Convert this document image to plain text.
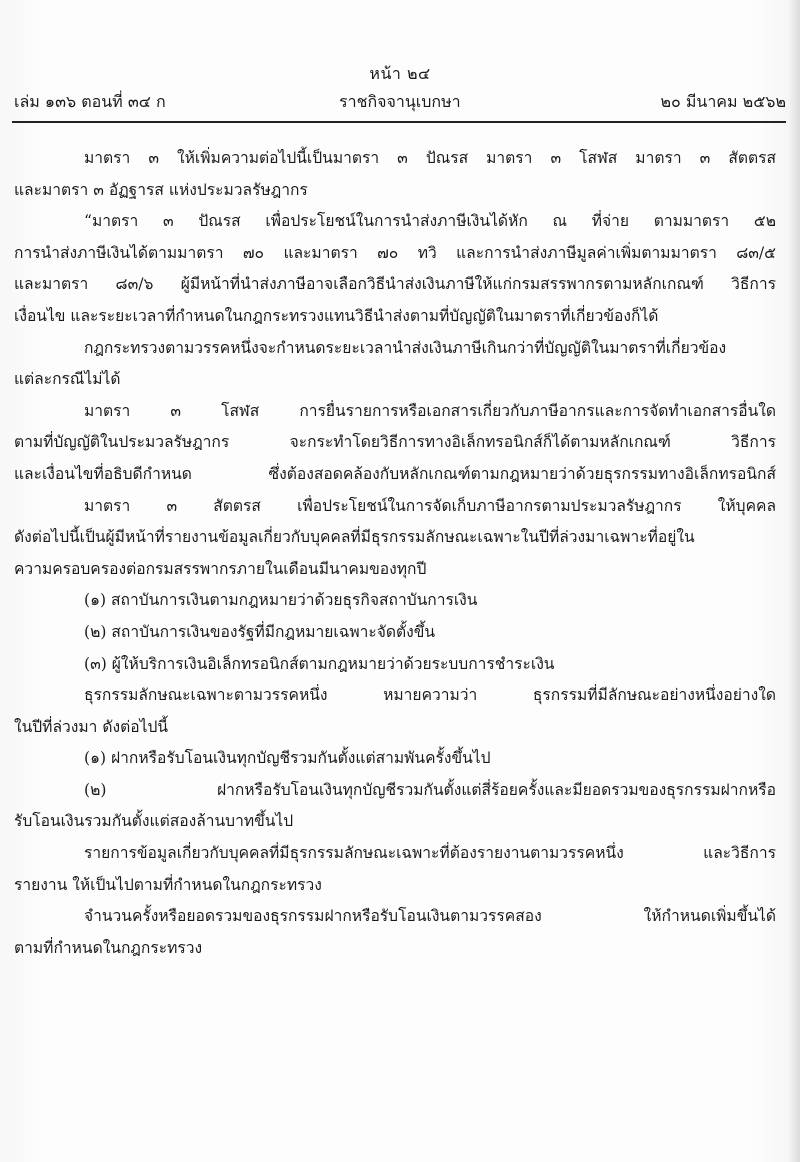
หน้า ๒๔
เล่ม ๑๓๖ ตอนที่ ๓๔ ก	ราชกิจจานุเบกษา	๒๐ มีนาคม ๒๕๖๒
มาตรา ๓ ให้เพิ่มความต่อไปนี้เป็นมาตรา ๓ ปัณรส มาตรา ๓ โสฬส มาตรา ๓ สัตตรส
และมาตรา ๓ อัฏฐารส แห่งประมวลรัษฎากร
“มาตรา ๓ ปัณรส เพื่อประโยชน์ในการนำส่งภาษีเงินได้หัก ณ ที่จ่าย ตามมาตรา ๕๒
การนำส่งภาษีเงินได้ตามมาตรา ๗๐ และมาตรา ๗๐ ทวิ และการนำส่งภาษีมูลค่าเพิ่มตามมาตรา ๘๓/๕
และมาตรา ๘๓/๖ ผู้มีหน้าที่นำส่งภาษีอาจเลือกวิธีนำส่งเงินภาษีให้แก่กรมสรรพากรตามหลักเกณฑ์ วิธีการ
เงื่อนไข และระยะเวลาที่กำหนดในกฎกระทรวงแทนวิธีนำส่งตามที่บัญญัติในมาตราที่เกี่ยวข้องก็ได้
กฎกระทรวงตามวรรคหนึ่งจะกำหนดระยะเวลานำส่งเงินภาษีเกินกว่าที่บัญญัติในมาตราที่เกี่ยวข้อง
แต่ละกรณีไม่ได้
มาตรา ๓ โสฬส การยื่นรายการหรือเอกสารเกี่ยวกับภาษีอากรและการจัดทำเอกสารอื่นใด
ตามที่บัญญัติในประมวลรัษฎากร จะกระทำโดยวิธีการทางอิเล็กทรอนิกส์ก็ได้ตามหลักเกณฑ์ วิธีการ
และเงื่อนไขที่อธิบดีกำหนด ซึ่งต้องสอดคล้องกับหลักเกณฑ์ตามกฎหมายว่าด้วยธุรกรรมทางอิเล็กทรอนิกส์
มาตรา ๓ สัตตรส เพื่อประโยชน์ในการจัดเก็บภาษีอากรตามประมวลรัษฎากร ให้บุคคล
ดังต่อไปนี้เป็นผู้มีหน้าที่รายงานข้อมูลเกี่ยวกับบุคคลที่มีธุรกรรมลักษณะเฉพาะในปีที่ล่วงมาเฉพาะที่อยู่ใน
ความครอบครองต่อกรมสรรพากรภายในเดือนมีนาคมของทุกปี
(๑) สถาบันการเงินตามกฎหมายว่าด้วยธุรกิจสถาบันการเงิน
(๒) สถาบันการเงินของรัฐที่มีกฎหมายเฉพาะจัดตั้งขึ้น
(๓) ผู้ให้บริการเงินอิเล็กทรอนิกส์ตามกฎหมายว่าด้วยระบบการชำระเงิน
ธุรกรรมลักษณะเฉพาะตามวรรคหนึ่ง หมายความว่า ธุรกรรมที่มีลักษณะอย่างหนึ่งอย่างใด
ในปีที่ล่วงมา ดังต่อไปนี้
(๑) ฝากหรือรับโอนเงินทุกบัญชีรวมกันตั้งแต่สามพันครั้งขึ้นไป
(๒) ฝากหรือรับโอนเงินทุกบัญชีรวมกันตั้งแต่สี่ร้อยครั้งและมียอดรวมของธุรกรรมฝากหรือ
รับโอนเงินรวมกันตั้งแต่สองล้านบาทขึ้นไป
รายการข้อมูลเกี่ยวกับบุคคลที่มีธุรกรรมลักษณะเฉพาะที่ต้องรายงานตามวรรคหนึ่ง และวิธีการ
รายงาน ให้เป็นไปตามที่กำหนดในกฎกระทรวง
จำนวนครั้งหรือยอดรวมของธุรกรรมฝากหรือรับโอนเงินตามวรรคสอง ให้กำหนดเพิ่มขึ้นได้
ตามที่กำหนดในกฎกระทรวง
